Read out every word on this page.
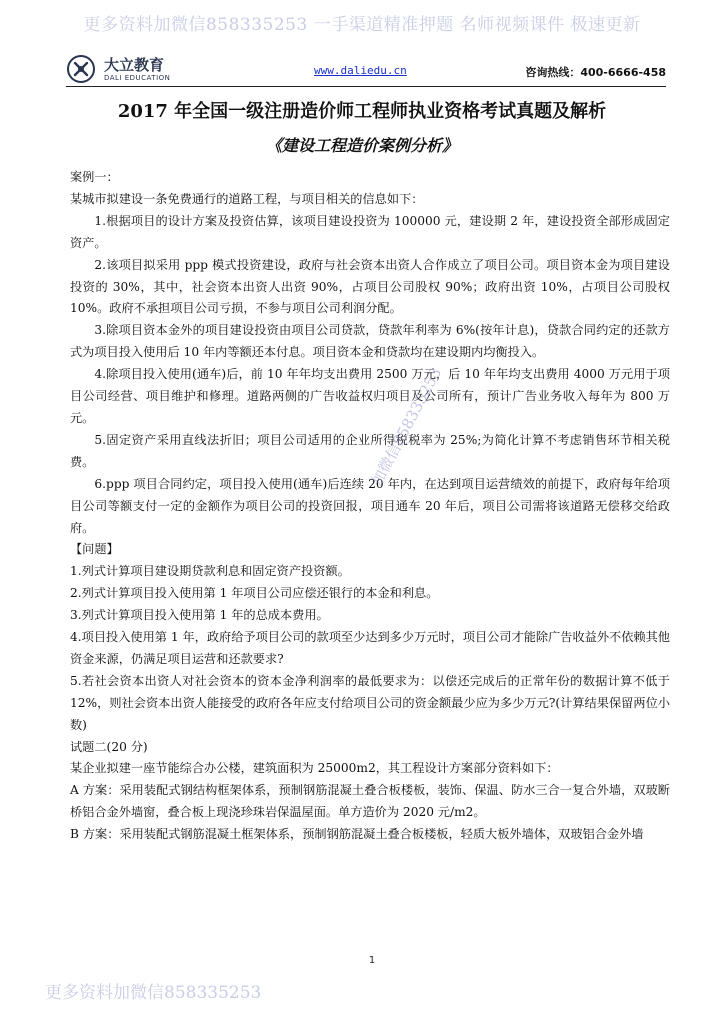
更多资料加微信858335253 一手渠道精准押题 名师视频课件 极速更新
大立教育
DALI EDUCATION
www.daliedu.cn	咨询热线：400-6666-458
2017 年全国一级注册造价师工程师执业资格考试真题及解析
《建设工程造价案例分析》

案例一：

某城市拟建设一条免费通行的道路工程，与项目相关的信息如下：

1.根据项目的设计方案及投资估算，该项目建设投资为 100000 元，建设期 2 年，建设投资全部形成固定资产。

2.该项目拟采用 ppp 模式投资建设，政府与社会资本出资人合作成立了项目公司。项目资本金为项目建设投资的 30%，其中，社会资本出资人出资 90%，占项目公司股权 90%；政府出资 10%，占项目公司股权 10%。政府不承担项目公司亏损，不参与项目公司利润分配。

3.除项目资本金外的项目建设投资由项目公司贷款，贷款年利率为 6%(按年计息)，贷款合同约定的还款方式为项目投入使用后 10 年内等额还本付息。项目资本金和贷款均在建设期内均衡投入。

4.除项目投入使用(通车)后，前 10 年年均支出费用 2500 万元，后 10 年年均支出费用 4000 万元用于项目公司经营、项目维护和修理。道路两侧的广告收益权归项目及公司所有，预计广告业务收入每年为 800 万元。

5.固定资产采用直线法折旧；项目公司适用的企业所得税税率为 25%;为简化计算不考虑销售环节相关税费。

6.ppp 项目合同约定，项目投入使用(通车)后连续 20 年内，在达到项目运营绩效的前提下，政府每年给项目公司等额支付一定的金额作为项目公司的投资回报，项目通车 20 年后，项目公司需将该道路无偿移交给政府。

【问题】

1.列式计算项目建设期贷款利息和固定资产投资额。

2.列式计算项目投入使用第 1 年项目公司应偿还银行的本金和利息。

3.列式计算项目投入使用第 1 年的总成本费用。

4.项目投入使用第 1 年，政府给予项目公司的款项至少达到多少万元时，项目公司才能除广告收益外不依赖其他资金来源，仍满足项目运营和还款要求?

5.若社会资本出资人对社会资本的资本金净利润率的最低要求为：以偿还完成后的正常年份的数据计算不低于 12%，则社会资本出资人能接受的政府各年应支付给项目公司的资金额最少应为多少万元?(计算结果保留两位小数)

试题二(20 分)

某企业拟建一座节能综合办公楼，建筑面积为 25000m2，其工程设计方案部分资料如下：

A 方案：采用装配式钢结构框架体系，预制钢筋混凝土叠合板楼板，装饰、保温、防水三合一复合外墙，双玻断桥铝合金外墙窗，叠合板上现浇珍珠岩保温屋面。单方造价为 2020 元/m2。

B 方案：采用装配式钢筋混凝土框架体系，预制钢筋混凝土叠合板楼板，轻质大板外墙体，双玻铝合金外墙

加微信858335253
1
更多资料加微信858335253
